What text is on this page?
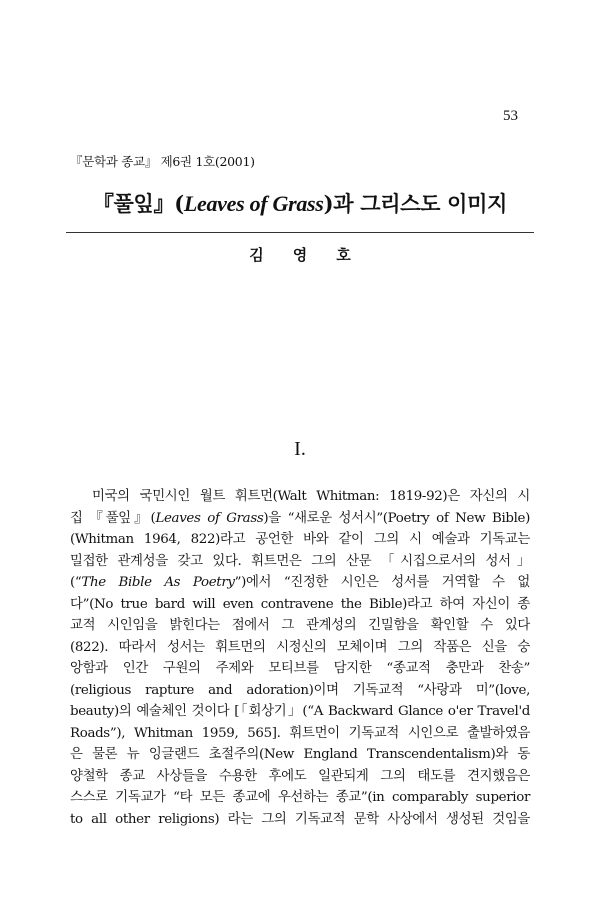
53
『문학과 종교』 제6권 1호(2001)
『풀잎』(Leaves of Grass)과 그리스도 이미지
김영호
I.
미국의 국민시인 월트 휘트먼(Walt Whitman: 1819-92)은 자신의 시
집 『풀잎』(Leaves of Grass)을 “새로운 성서시”(Poetry of New Bible)
(Whitman 1964, 822)라고 공언한 바와 같이 그의 시 예술과 기독교는
밀접한 관계성을 갖고 있다. 휘트먼은 그의 산문 「시집으로서의 성서」
(“The Bible As Poetry”)에서 “진정한 시인은 성서를 거역할 수 없
다”(No true bard will even contravene the Bible)라고 하여 자신이 종
교적 시인임을 밝힌다는 점에서 그 관계성의 긴밀함을 확인할 수 있다
(822). 따라서 성서는 휘트먼의 시정신의 모체이며 그의 작품은 신을 숭
앙함과 인간 구원의 주제와 모티브를 담지한 “종교적 충만과 찬송”
(religious rapture and adoration)이며 기독교적 “사랑과 미”(love,
beauty)의 예술체인 것이다 [「회상기」(“A Backward Glance o'er Travel'd
Roads”), Whitman 1959, 565]. 휘트먼이 기독교적 시인으로 출발하였음
은 물론 뉴 잉글랜드 초절주의(New England Transcendentalism)와 동
양철학 종교 사상들을 수용한 후에도 일관되게 그의 태도를 견지했음은
스스로 기독교가 “타 모든 종교에 우선하는 종교”(in comparably superior
to all other religions) 라는 그의 기독교적 문학 사상에서 생성된 것임을
